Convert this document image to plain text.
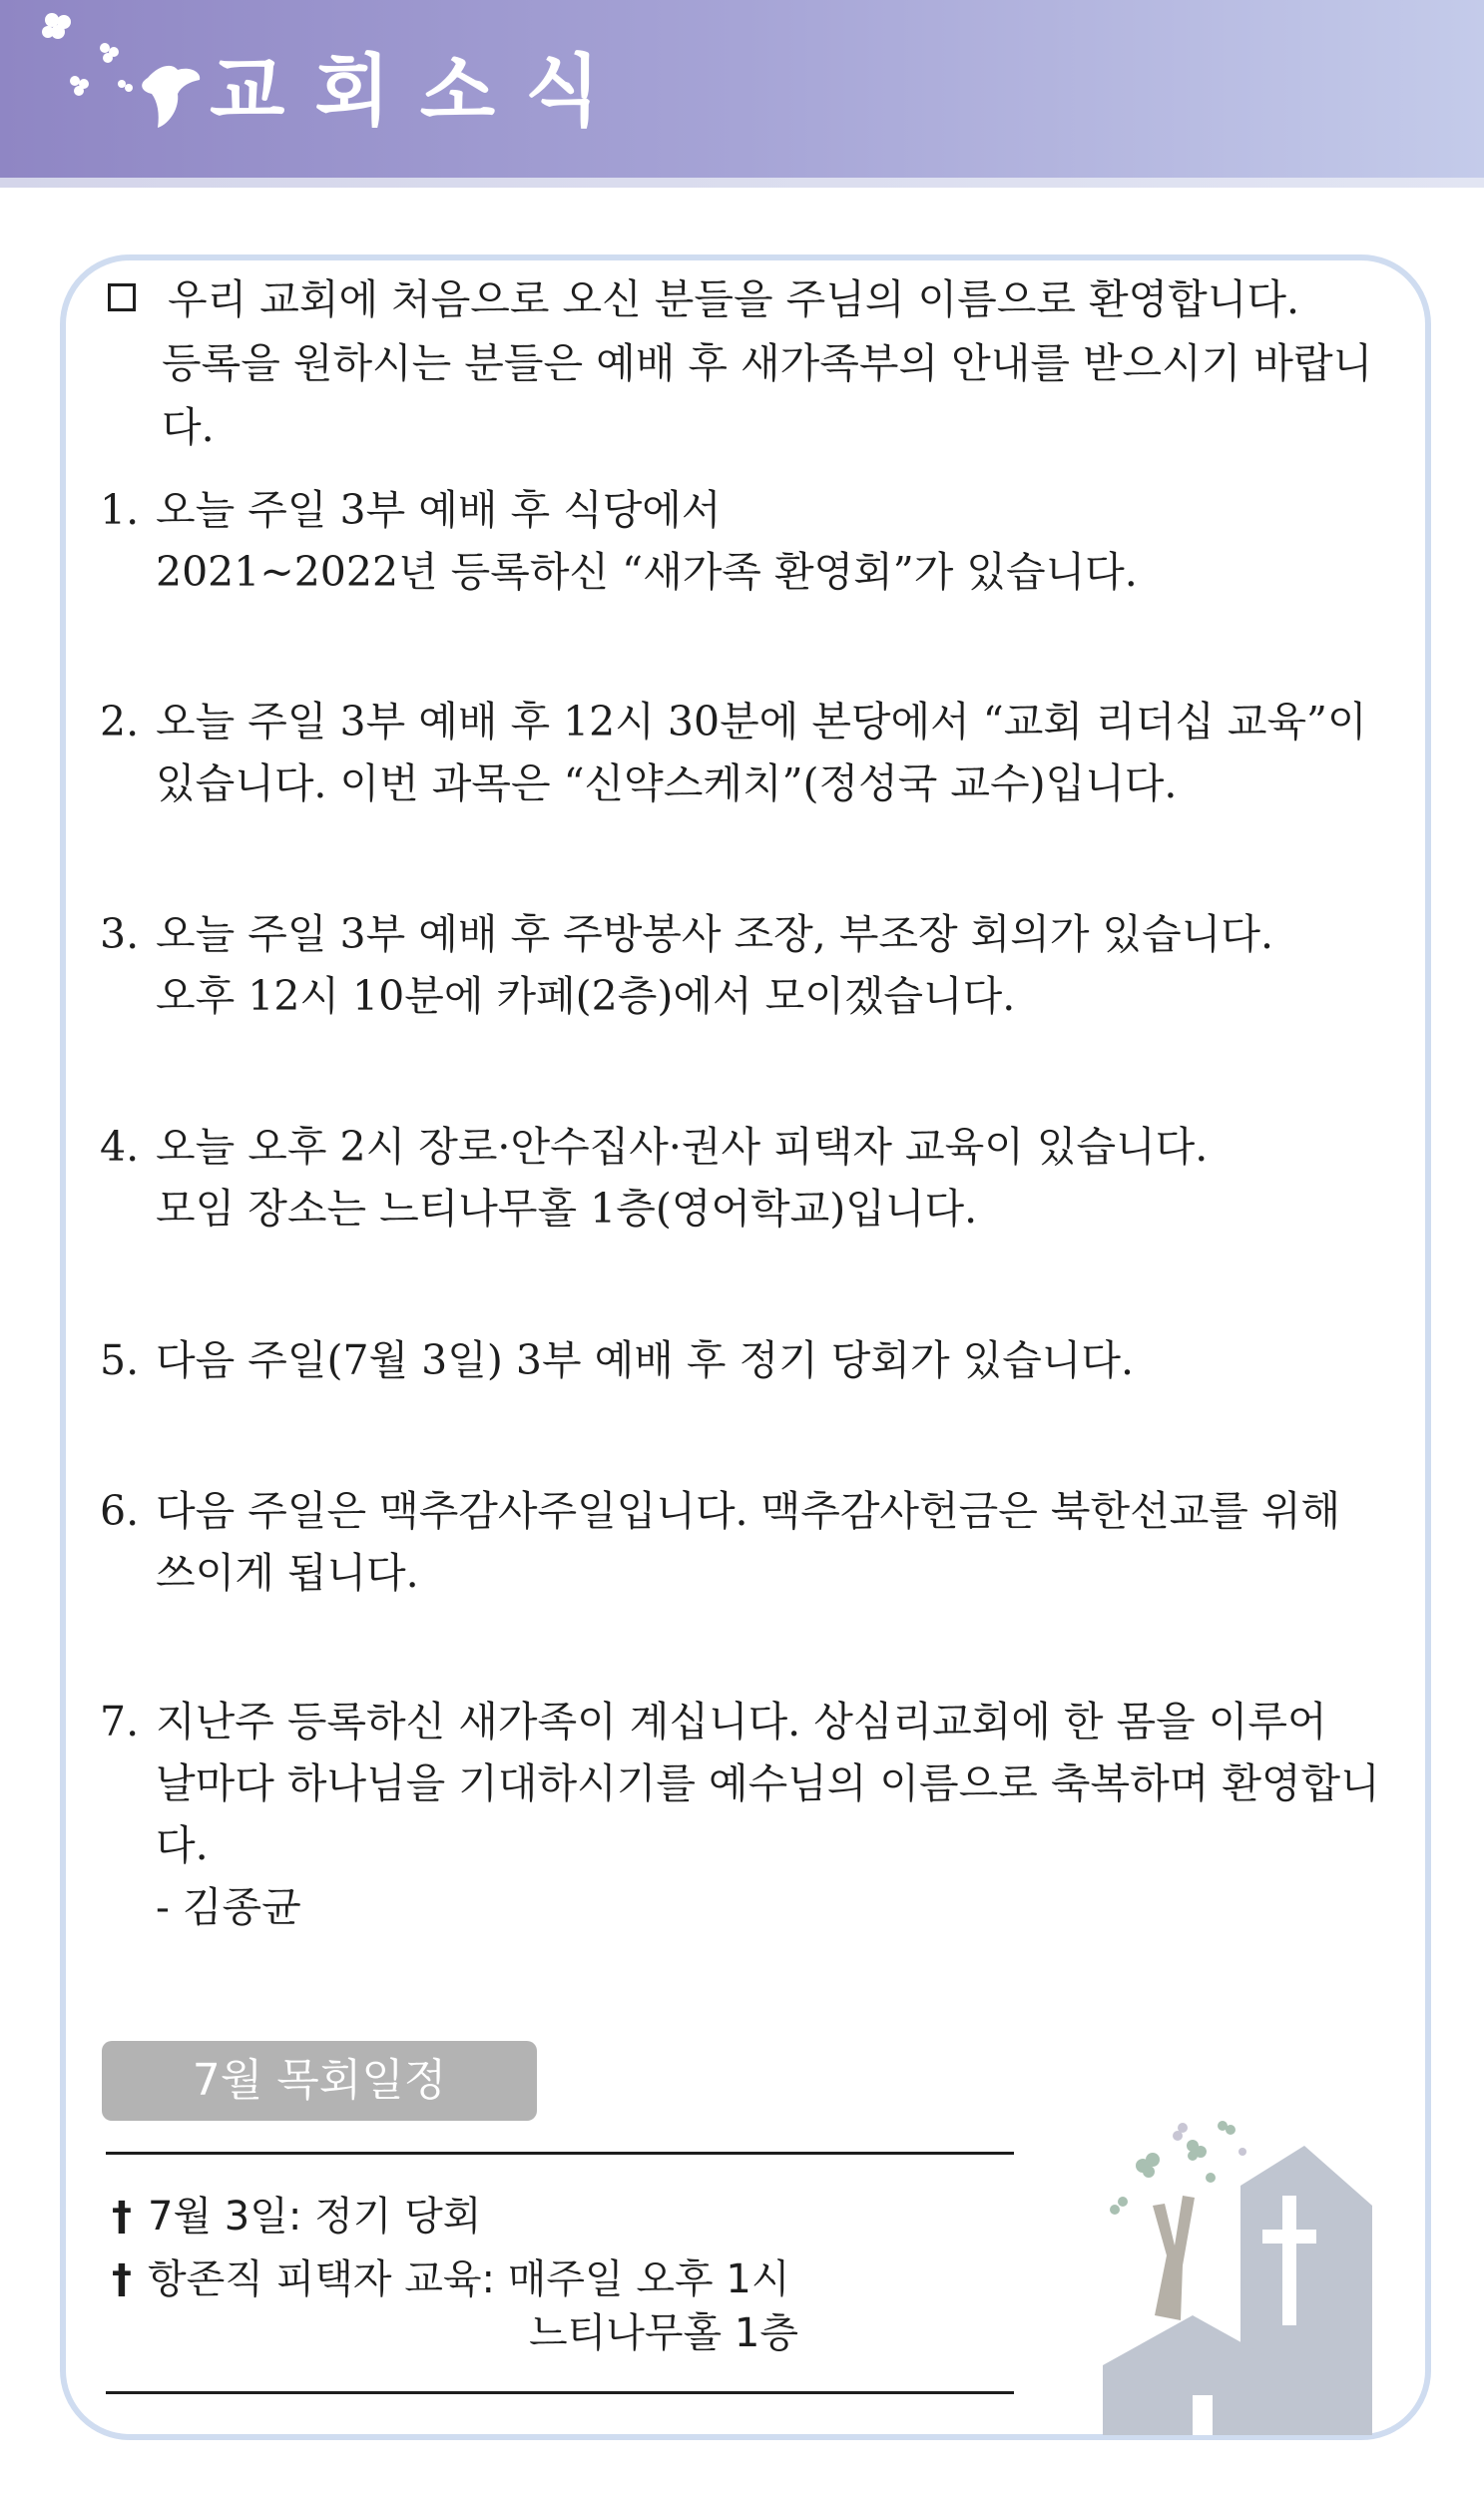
교회소식
우리 교회에 처음으로 오신 분들을 주님의 이름으로 환영합니다.
등록을 원하시는 분들은 예배 후 새가족부의 안내를 받으시기 바랍니다.
1. 오늘 주일 3부 예배 후 식당에서
2021~2022년 등록하신 “새가족 환영회”가 있습니다.
2. 오늘 주일 3부 예배 후 12시 30분에 본당에서 “교회 리더십 교육”이
있습니다. 이번 과목은 “신약스케치”(정성국 교수)입니다.
3. 오늘 주일 3부 예배 후 주방봉사 조장, 부조장 회의가 있습니다.
오후 12시 10분에 카페(2층)에서 모이겠습니다.
4. 오늘 오후 2시 장로·안수집사·권사 피택자 교육이 있습니다.
모임 장소는 느티나무홀 1층(영어학교)입니다.
5. 다음 주일(7월 3일) 3부 예배 후 정기 당회가 있습니다.
6. 다음 주일은 맥추감사주일입니다. 맥추감사헌금은 북한선교를 위해
쓰이게 됩니다.
7. 지난주 등록하신 새가족이 계십니다. 상심리교회에 한 몸을 이루어
날마다 하나님을 기대하시기를 예수님의 이름으로 축복하며 환영합니다.
- 김종균
7월 목회일정
† 7월 3일: 정기 당회
† 항존직 피택자 교육: 매주일 오후 1시
느티나무홀 1층
